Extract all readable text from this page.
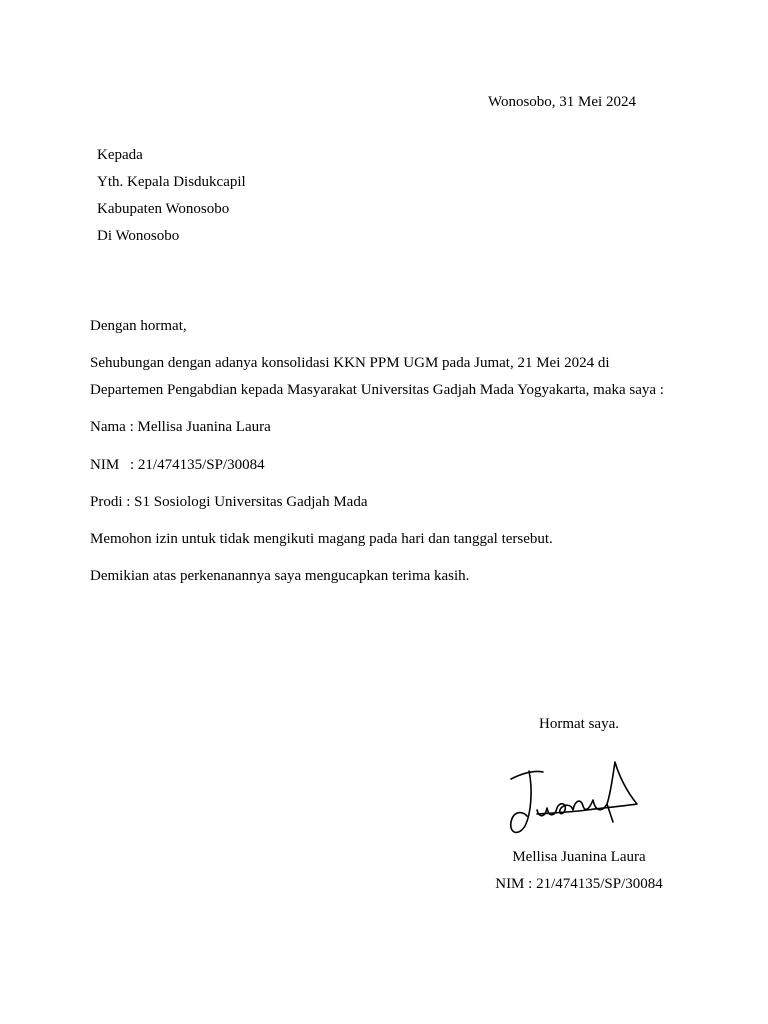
Wonosobo, 31 Mei 2024
Kepada
Yth. Kepala Disdukcapil
Kabupaten Wonosobo
Di Wonosobo
Dengan hormat,
Sehubungan dengan adanya konsolidasi KKN PPM UGM pada Jumat, 21 Mei 2024 di
Departemen Pengabdian kepada Masyarakat Universitas Gadjah Mada Yogyakarta, maka saya :
Nama : Mellisa Juanina Laura
NIM : 21/474135/SP/30084
Prodi : S1 Sosiologi Universitas Gadjah Mada
Memohon izin untuk tidak mengikuti magang pada hari dan tanggal tersebut.
Demikian atas perkenanannya saya mengucapkan terima kasih.
Hormat saya.
Mellisa Juanina Laura
NIM : 21/474135/SP/30084
